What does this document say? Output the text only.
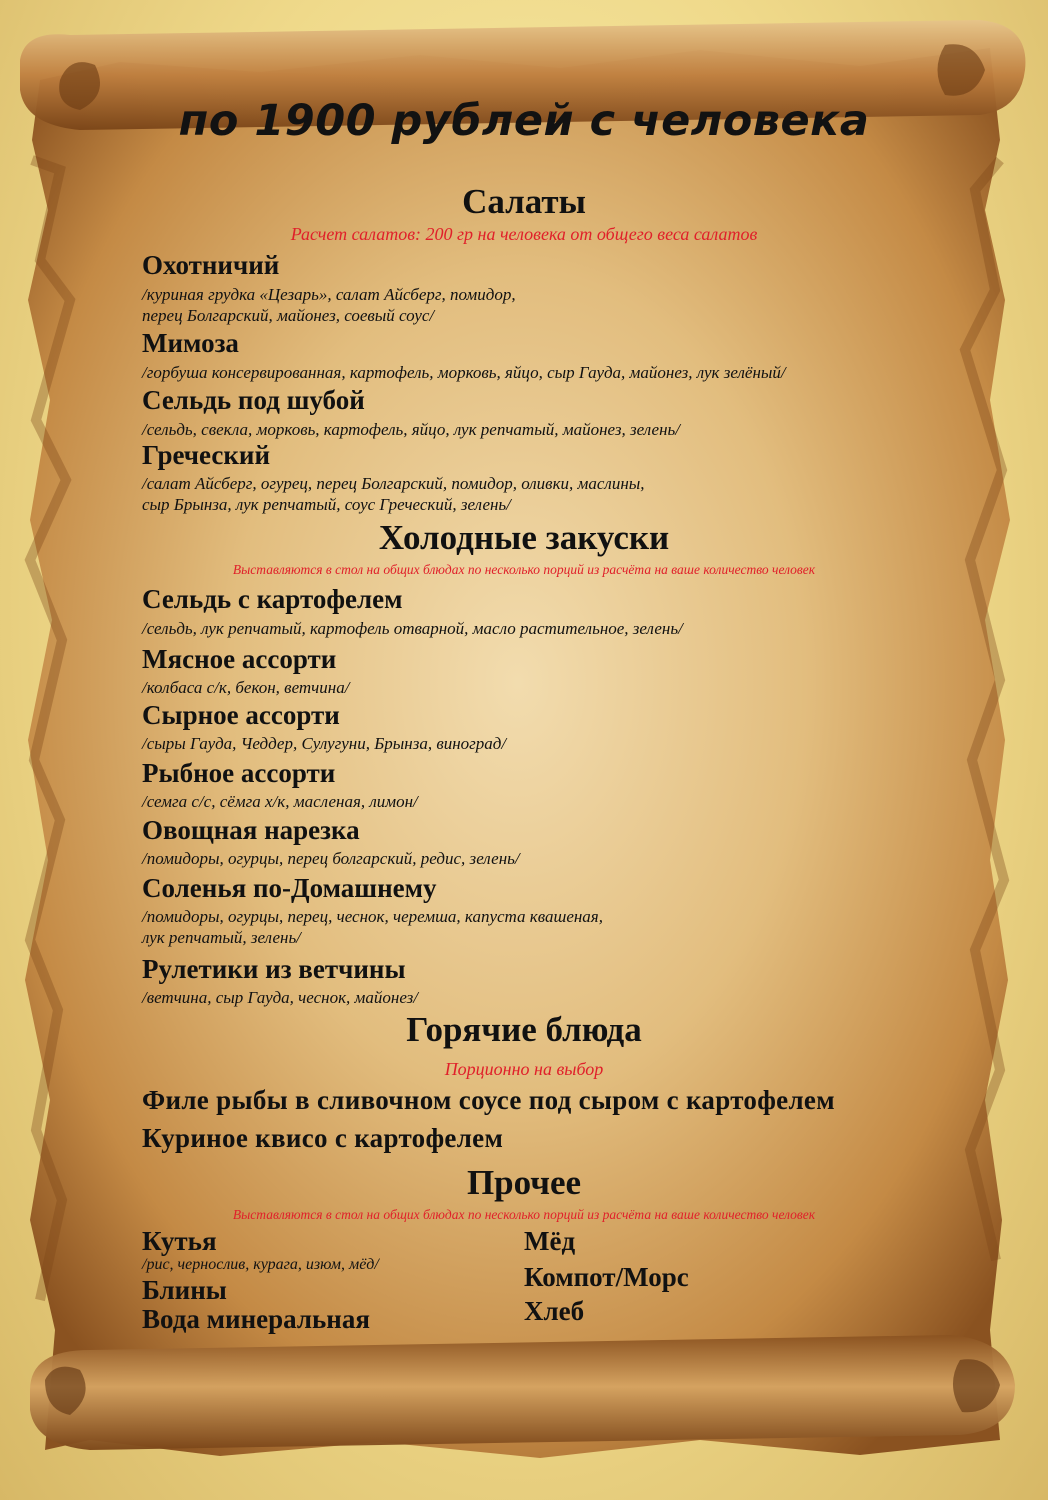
по 1900 рублей с человека
Салаты
Расчет салатов: 200 гр на человека от общего веса салатов
Охотничий
/куриная грудка «Цезарь», салат Айсберг, помидор,
перец Болгарский, майонез, соевый соус/
Мимоза
/горбуша консервированная, картофель, морковь, яйцо, сыр Гауда, майонез, лук зелёный/
Сельдь под шубой
/сельдь, свекла, морковь, картофель, яйцо, лук репчатый, майонез, зелень/
Греческий
/салат Айсберг, огурец, перец Болгарский, помидор, оливки, маслины,
сыр Брынза, лук репчатый, соус Греческий, зелень/
Холодные закуски
Выставляются в стол на общих блюдах по несколько порций из расчёта на ваше количество человек
Сельдь с картофелем
/сельдь, лук репчатый, картофель отварной, масло растительное, зелень/
Мясное ассорти
/колбаса с/к, бекон, ветчина/
Сырное ассорти
/сыры Гауда, Чеддер, Сулугуни, Брынза, виноград/
Рыбное ассорти
/семга с/с, сёмга х/к, масленая, лимон/
Овощная нарезка
/помидоры, огурцы, перец болгарский, редис, зелень/
Соленья по-Домашнему
/помидоры, огурцы, перец, чеснок, черемша, капуста квашеная,
лук репчатый, зелень/
Рулетики из ветчины
/ветчина, сыр Гауда, чеснок, майонез/
Горячие блюда
Порционно на выбор
Филе рыбы в сливочном соусе под сыром с картофелем
Куриное квисо с картофелем
Прочее
Выставляются в стол на общих блюдах по несколько порций из расчёта на ваше количество человек
Кутья
/рис, чернослив, курага, изюм, мёд/
Блины
Вода минеральная
Мёд
Компот/Морс
Хлеб
